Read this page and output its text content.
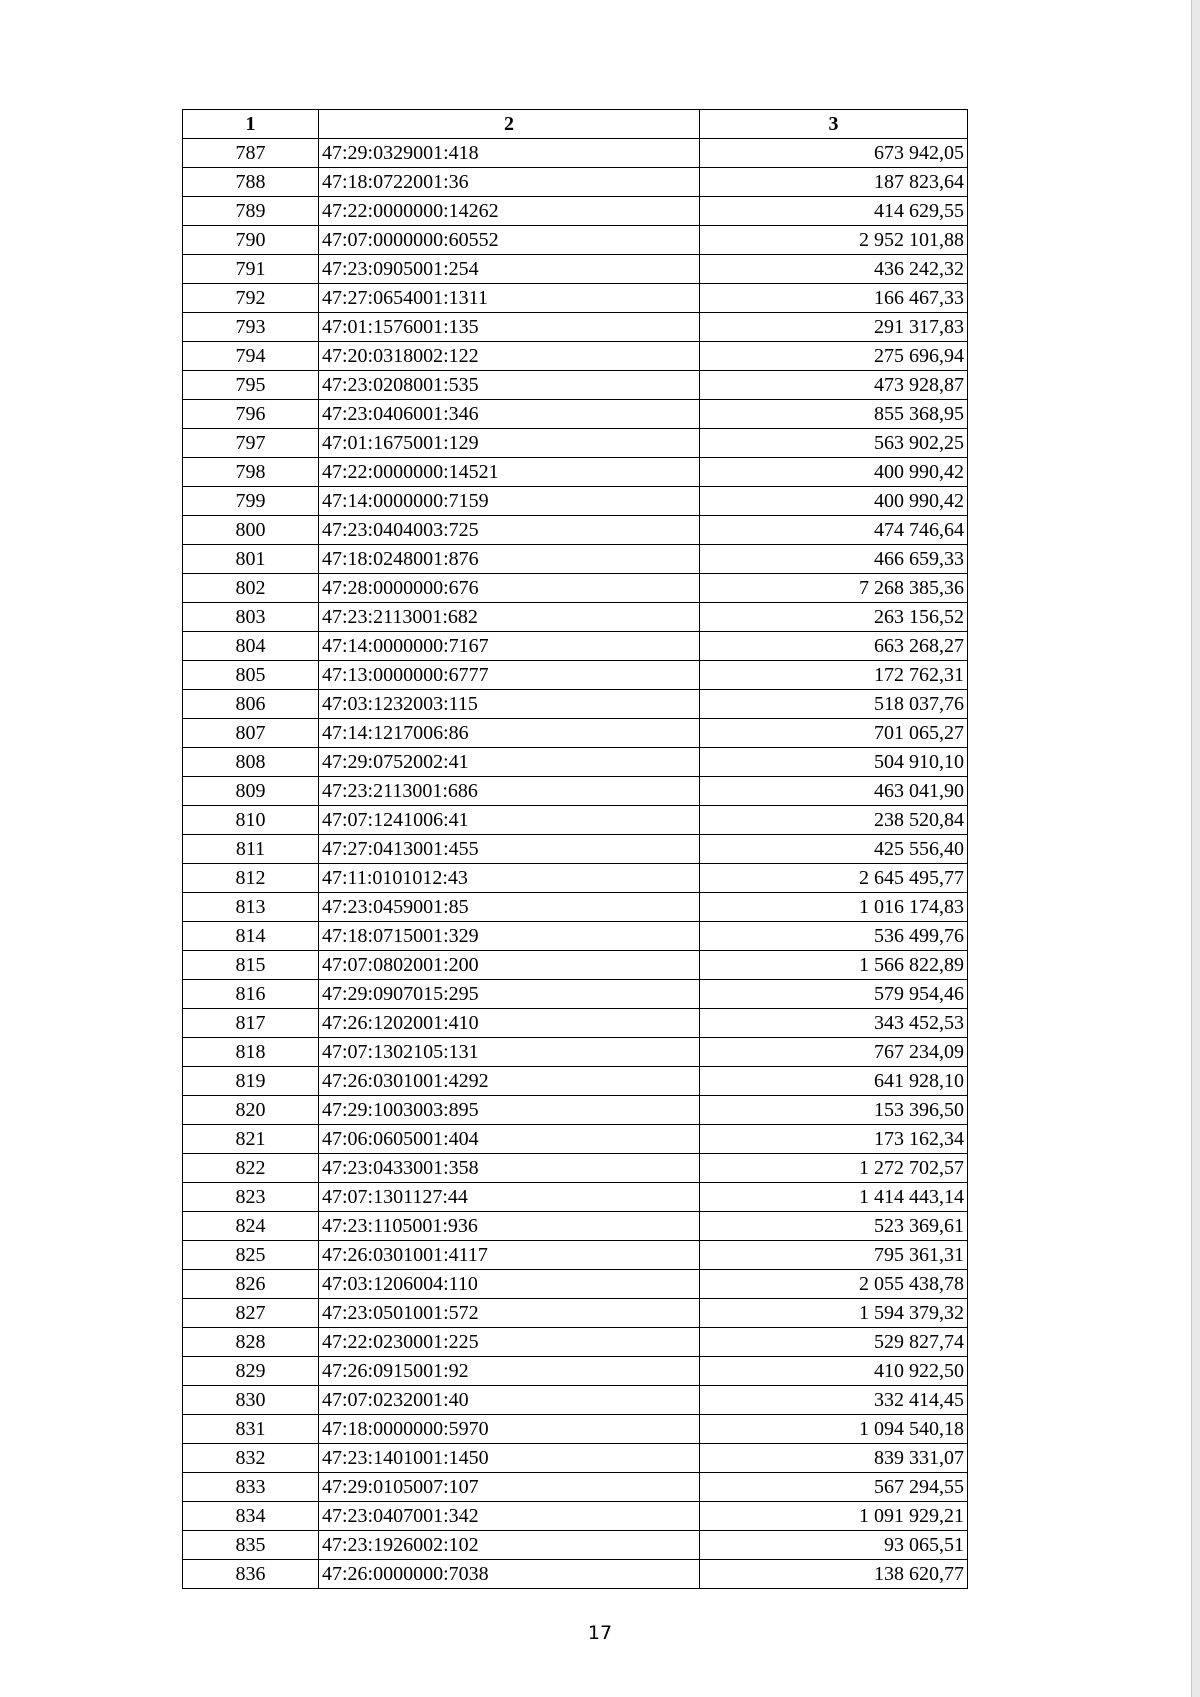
1	2	3
787	47:29:0329001:418	673 942,05
788	47:18:0722001:36	187 823,64
789	47:22:0000000:14262	414 629,55
790	47:07:0000000:60552	2 952 101,88
791	47:23:0905001:254	436 242,32
792	47:27:0654001:1311	166 467,33
793	47:01:1576001:135	291 317,83
794	47:20:0318002:122	275 696,94
795	47:23:0208001:535	473 928,87
796	47:23:0406001:346	855 368,95
797	47:01:1675001:129	563 902,25
798	47:22:0000000:14521	400 990,42
799	47:14:0000000:7159	400 990,42
800	47:23:0404003:725	474 746,64
801	47:18:0248001:876	466 659,33
802	47:28:0000000:676	7 268 385,36
803	47:23:2113001:682	263 156,52
804	47:14:0000000:7167	663 268,27
805	47:13:0000000:6777	172 762,31
806	47:03:1232003:115	518 037,76
807	47:14:1217006:86	701 065,27
808	47:29:0752002:41	504 910,10
809	47:23:2113001:686	463 041,90
810	47:07:1241006:41	238 520,84
811	47:27:0413001:455	425 556,40
812	47:11:0101012:43	2 645 495,77
813	47:23:0459001:85	1 016 174,83
814	47:18:0715001:329	536 499,76
815	47:07:0802001:200	1 566 822,89
816	47:29:0907015:295	579 954,46
817	47:26:1202001:410	343 452,53
818	47:07:1302105:131	767 234,09
819	47:26:0301001:4292	641 928,10
820	47:29:1003003:895	153 396,50
821	47:06:0605001:404	173 162,34
822	47:23:0433001:358	1 272 702,57
823	47:07:1301127:44	1 414 443,14
824	47:23:1105001:936	523 369,61
825	47:26:0301001:4117	795 361,31
826	47:03:1206004:110	2 055 438,78
827	47:23:0501001:572	1 594 379,32
828	47:22:0230001:225	529 827,74
829	47:26:0915001:92	410 922,50
830	47:07:0232001:40	332 414,45
831	47:18:0000000:5970	1 094 540,18
832	47:23:1401001:1450	839 331,07
833	47:29:0105007:107	567 294,55
834	47:23:0407001:342	1 091 929,21
835	47:23:1926002:102	93 065,51
836	47:26:0000000:7038	138 620,77
17
